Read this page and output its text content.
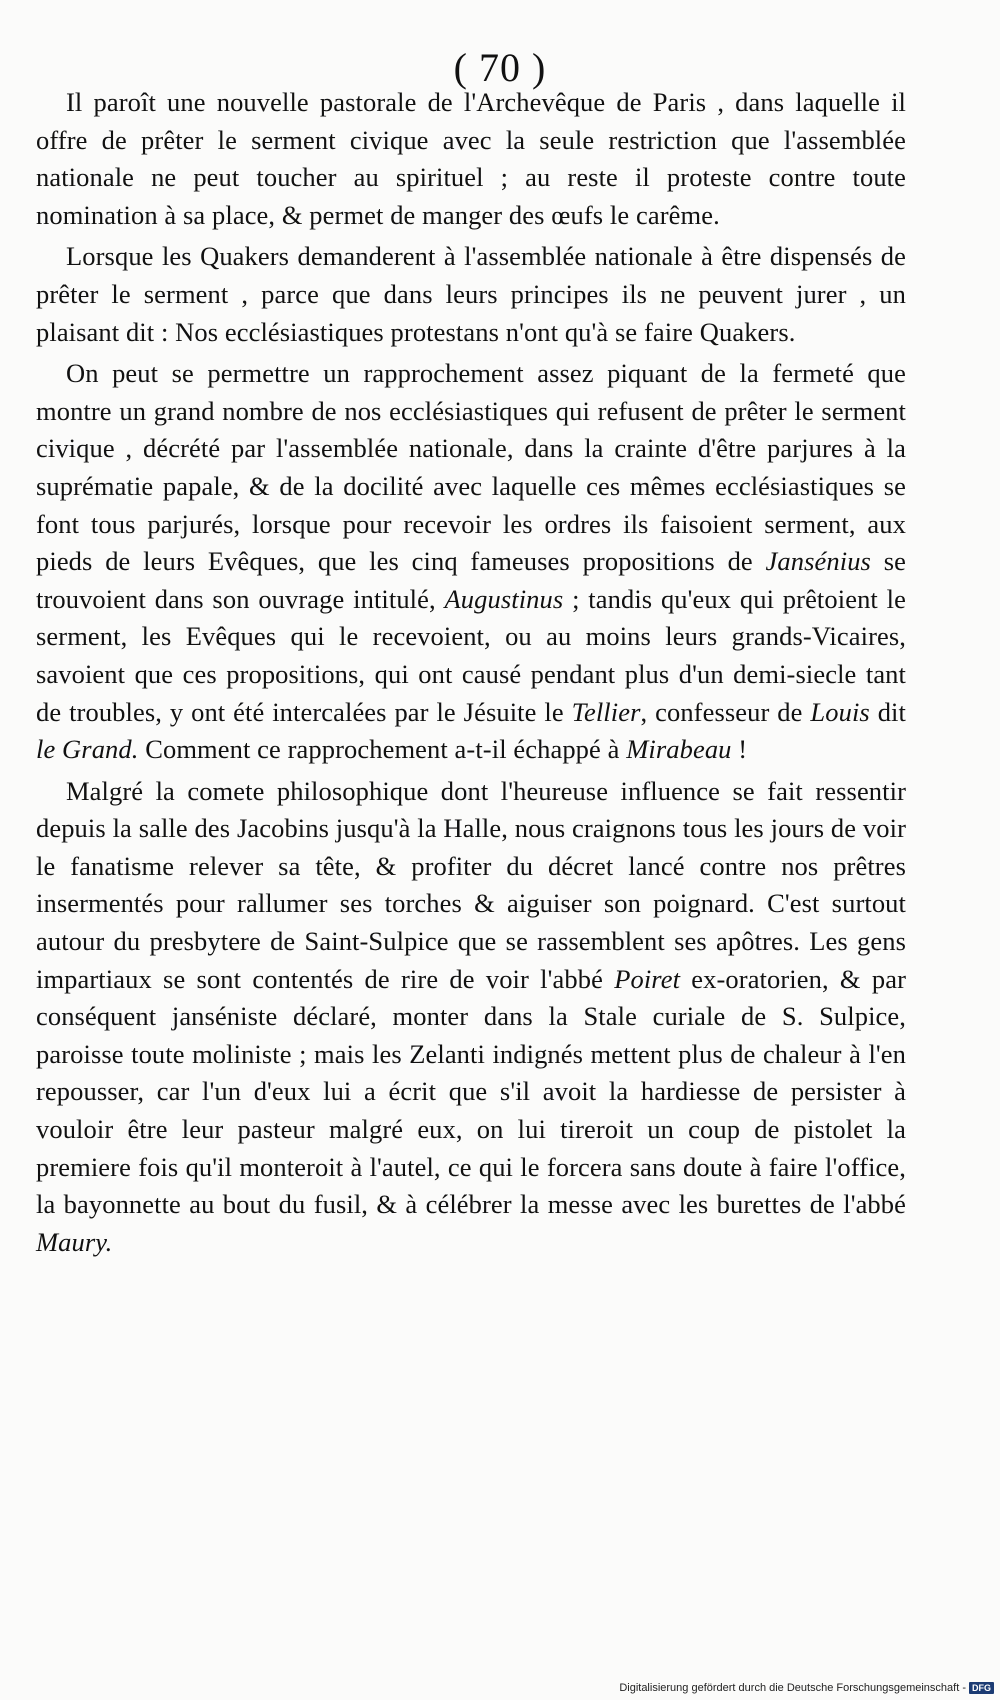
( 70 )

Il paroît une nouvelle pastorale de l'Archevêque de Paris , dans laquelle il offre de prêter le serment civique avec la seule restriction que l'assemblée nationale ne peut toucher au spirituel ; au reste il proteste contre toute nomination à sa place, & permet de manger des œufs le carême.

Lorsque les Quakers demanderent à l'assemblée nationale à être dispensés de prêter le serment , parce que dans leurs principes ils ne peuvent jurer , un plaisant dit : Nos ecclésiastiques protestans n'ont qu'à se faire Quakers.

On peut se permettre un rapprochement assez piquant de la fermeté que montre un grand nombre de nos ecclésiastiques qui refusent de prêter le serment civique , décrété par l'assemblée nationale, dans la crainte d'être parjures à la suprématie papale, & de la docilité avec laquelle ces mêmes ecclésiastiques se font tous parjurés, lorsque pour recevoir les ordres ils faisoient serment, aux pieds de leurs Evêques, que les cinq fameuses propositions de Jansénius se trouvoient dans son ouvrage intitulé, Augustinus ; tandis qu'eux qui prêtoient le serment, les Evêques qui le recevoient, ou au moins leurs grands-Vicaires, savoient que ces propositions, qui ont causé pendant plus d'un demi-siecle tant de troubles, y ont été intercalées par le Jésuite le Tellier, confesseur de Louis dit le Grand. Comment ce rapprochement a-t-il échappé à Mirabeau !

Malgré la comete philosophique dont l'heureuse influence se fait ressentir depuis la salle des Jacobins jusqu'à la Halle, nous craignons tous les jours de voir le fanatisme relever sa tête, & profiter du décret lancé contre nos prêtres insermentés pour rallumer ses torches & aiguiser son poignard. C'est surtout autour du presbytere de Saint-Sulpice que se rassemblent ses apôtres. Les gens impartiaux se sont contentés de rire de voir l'abbé Poiret ex-oratorien, & par conséquent janséniste déclaré, monter dans la Stale curiale de S. Sulpice, paroisse toute moliniste ; mais les Zelanti indignés mettent plus de chaleur à l'en repousser, car l'un d'eux lui a écrit que s'il avoit la hardiesse de persister à vouloir être leur pasteur malgré eux, on lui tireroit un coup de pistolet la premiere fois qu'il monteroit à l'autel, ce qui le forcera sans doute à faire l'office, la bayonnette au bout du fusil, & à célébrer la messe avec les burettes de l'abbé Maury.

Digitalisierung gefördert durch die Deutsche Forschungsgemeinschaft - DFG
